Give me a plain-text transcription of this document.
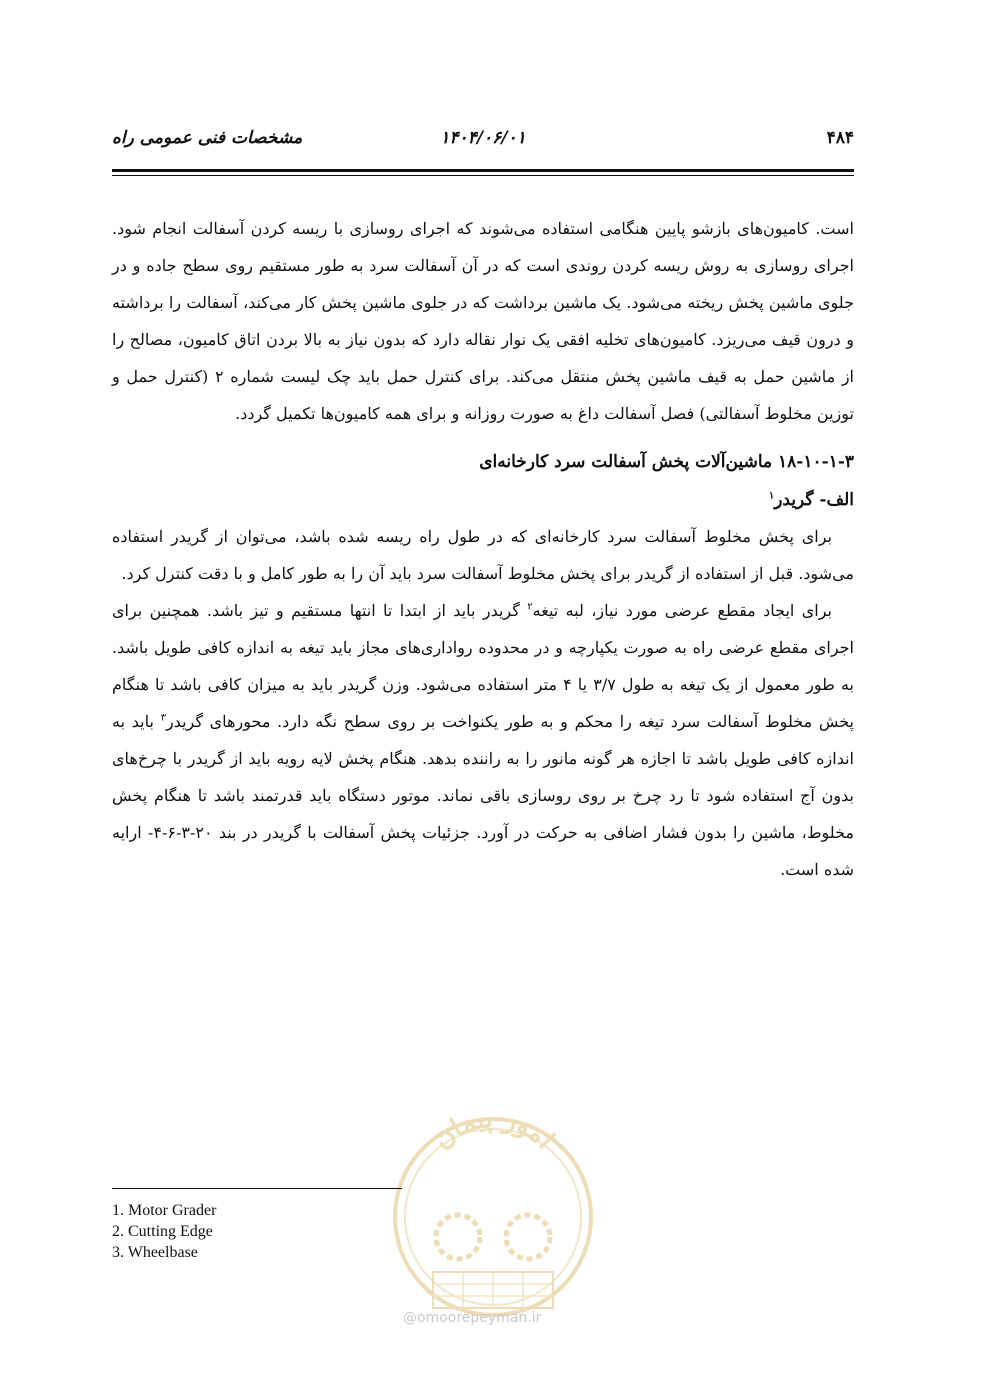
۴۸۴
۱۴۰۴/۰۶/۰۱
مشخصات فنی عمومی راه

است. کامیون‌های بازشو پایین هنگامی استفاده می‌شوند که اجرای روسازی با ریسه کردن آسفالت انجام شود. اجرای روسازی به روش ریسه کردن روندی است که در آن آسفالت سرد به طور مستقیم روی سطح جاده و در جلوی ماشین پخش ریخته می‌شود. یک ماشین برداشت که در جلوی ماشین پخش کار می‌کند، آسفالت را برداشته و درون قیف می‌ریزد. کامیون‌های تخلیه افقی یک نوار نقاله دارد که بدون نیاز به بالا بردن اتاق کامیون، مصالح را از ماشین حمل به قیف ماشین پخش منتقل می‌کند. برای کنترل حمل باید چک لیست شماره ۲ (کنترل حمل و توزین مخلوط آسفالتی) فصل آسفالت داغ به صورت روزانه و برای همه کامیون‌ها تکمیل گردد.

۱۸-۱۰-۱-۳ ماشین‌آلات پخش آسفالت سرد کارخانه‌ای

الف- گریدر$^۱$

برای پخش مخلوط آسفالت سرد کارخانه‌ای که در طول راه ریسه شده باشد، می‌توان از گریدر استفاده می‌شود. قبل از استفاده از گریدر برای پخش مخلوط آسفالت سرد باید آن را به طور کامل و با دقت کنترل کرد.

برای ایجاد مقطع عرضی مورد نیاز، لبه تیغه$^۲$ گریدر باید از ابتدا تا انتها مستقیم و تیز باشد. همچنین برای اجرای مقطع عرضی راه به صورت یکپارچه و در محدوده رواداری‌های مجاز باید تیغه به اندازه کافی طویل باشد. به طور معمول از یک تیغه به طول ۳/۷ یا ۴ متر استفاده می‌شود. وزن گریدر باید به میزان کافی باشد تا هنگام پخش مخلوط آسفالت سرد تیغه را محکم و به طور یکنواخت بر روی سطح نگه دارد. محورهای گریدر$^۳$ باید به اندازه کافی طویل باشد تا اجازه هر گونه مانور را به راننده بدهد. هنگام پخش لایه رویه باید از گریدر با چرخ‌های بدون آج استفاده شود تا رد چرخ بر روی روسازی باقی نماند. موتور دستگاه باید قدرتمند باشد تا هنگام پخش مخلوط، ماشین را بدون فشار اضافی به حرکت در آورد. جزئیات پخش آسفالت با گریدر در بند ۲۰-۳-۶-۴- ارایه شده است.

امور پیمان
@omoorepeyman.ir
1. Motor Grader
2. Cutting Edge
3. Wheelbase
